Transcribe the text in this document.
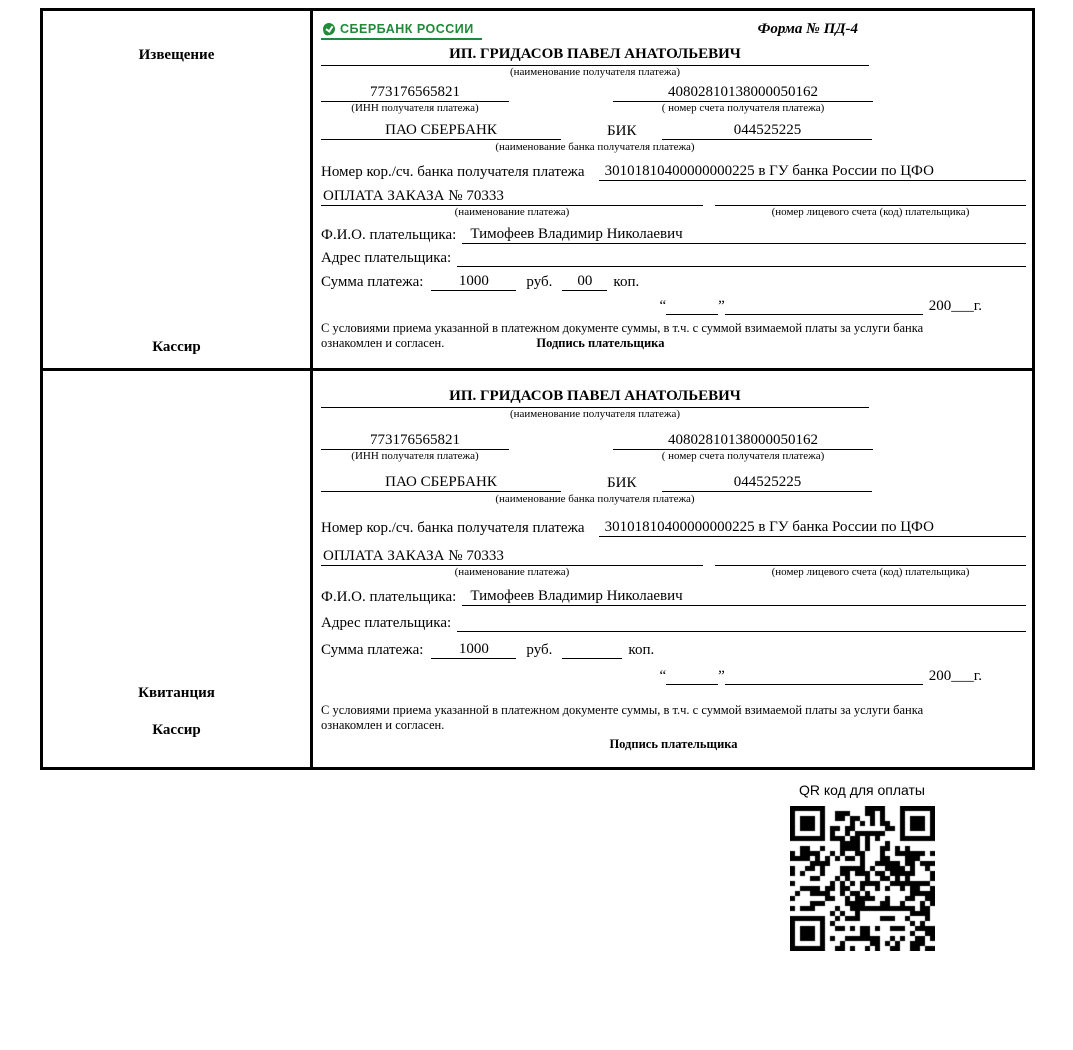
Извещение
Кассир
СБЕРБАНК РОССИИ	Форма № ПД-4
ИП. ГРИДАСОВ ПАВЕЛ АНАТОЛЬЕВИЧ
(наименование получателя платежа)
773176565821	40802810138000050162
(ИНН получателя платежа)	( номер счета получателя платежа)
ПАО СБЕРБАНК	БИК	044525225
(наименование банка получателя платежа)
Номер кор./сч. банка получателя платежа	30101810400000000225 в ГУ банка России по ЦФО
ОПЛАТА ЗАКАЗА № 70333
(наименование платежа)	(номер лицевого счета (код) плательщика)
Ф.И.О. плательщика: Тимофеев Владимир Николаевич
Адрес плательщика:
Сумма платежа:	1000	руб.	00	коп.
“	”	200___г.
С условиями приема указанной в платежном документе суммы, в т.ч. с суммой взимаемой платы за услуги банка
ознакомлен и согласен.	Подпись плательщика
Квитанция
Кассир
ИП. ГРИДАСОВ ПАВЕЛ АНАТОЛЬЕВИЧ
(наименование получателя платежа)
773176565821	40802810138000050162
(ИНН получателя платежа)	( номер счета получателя платежа)
ПАО СБЕРБАНК	БИК	044525225
(наименование банка получателя платежа)
Номер кор./сч. банка получателя платежа	30101810400000000225 в ГУ банка России по ЦФО
ОПЛАТА ЗАКАЗА № 70333
(наименование платежа)	(номер лицевого счета (код) плательщика)
Ф.И.О. плательщика: Тимофеев Владимир Николаевич
Адрес плательщика:
Сумма платежа:	1000	руб.	коп.
“	”	200___г.
С условиями приема указанной в платежном документе суммы, в т.ч. с суммой взимаемой платы за услуги банка
ознакомлен и согласен.
Подпись плательщика
QR код для оплаты
